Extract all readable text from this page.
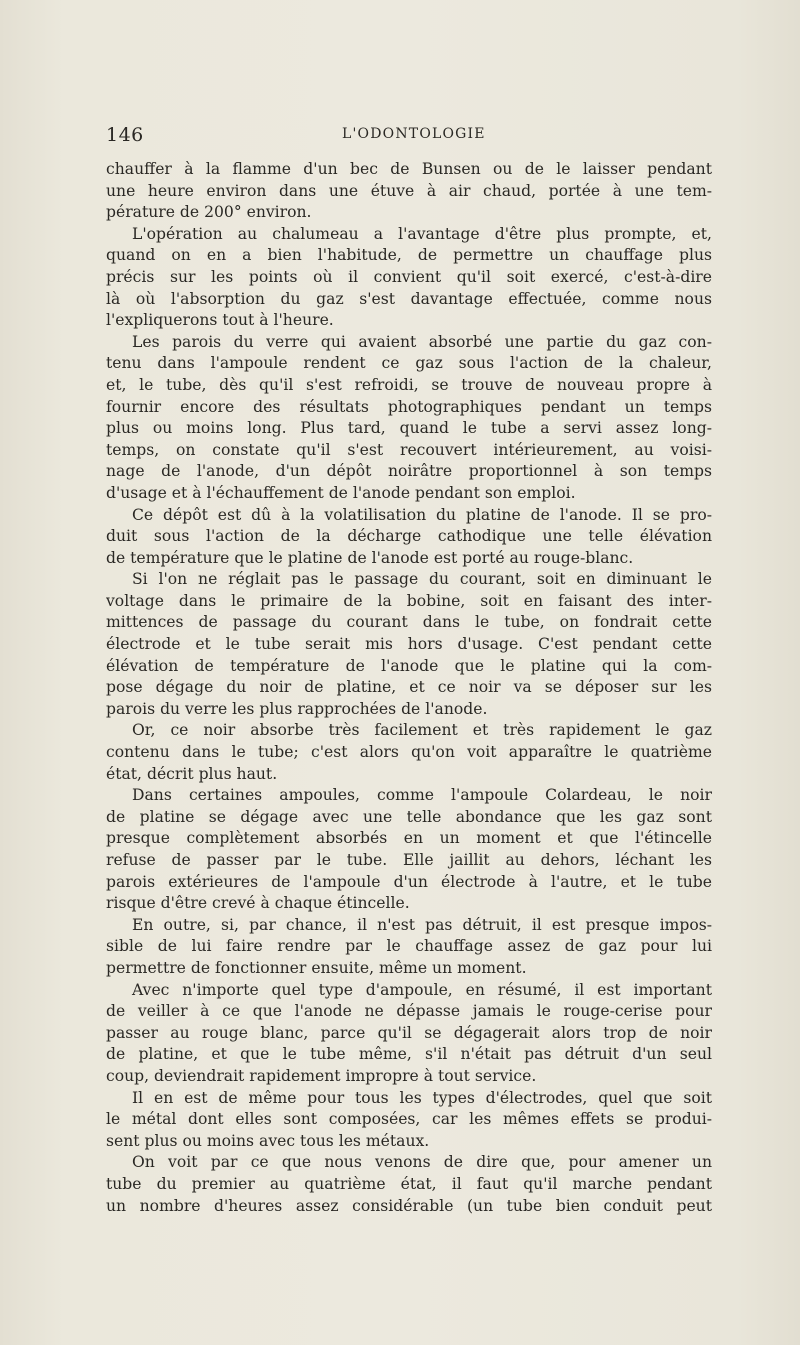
146	L'ODONTOLOGIE
chauffer à la flamme d'un bec de Bunsen ou de le laisser pendant
une heure environ dans une étuve à air chaud, portée à une tem-
pérature de 200° environ.
L'opération au chalumeau a l'avantage d'être plus prompte, et,
quand on en a bien l'habitude, de permettre un chauffage plus
précis sur les points où il convient qu'il soit exercé, c'est-à-dire
là où l'absorption du gaz s'est davantage effectuée, comme nous
l'expliquerons tout à l'heure.
Les parois du verre qui avaient absorbé une partie du gaz con-
tenu dans l'ampoule rendent ce gaz sous l'action de la chaleur,
et, le tube, dès qu'il s'est refroidi, se trouve de nouveau propre à
fournir encore des résultats photographiques pendant un temps
plus ou moins long. Plus tard, quand le tube a servi assez long-
temps, on constate qu'il s'est recouvert intérieurement, au voisi-
nage de l'anode, d'un dépôt noirâtre proportionnel à son temps
d'usage et à l'échauffement de l'anode pendant son emploi.
Ce dépôt est dû à la volatilisation du platine de l'anode. Il se pro-
duit sous l'action de la décharge cathodique une telle élévation
de température que le platine de l'anode est porté au rouge-blanc.
Si l'on ne réglait pas le passage du courant, soit en diminuant le
voltage dans le primaire de la bobine, soit en faisant des inter-
mittences de passage du courant dans le tube, on fondrait cette
électrode et le tube serait mis hors d'usage. C'est pendant cette
élévation de température de l'anode que le platine qui la com-
pose dégage du noir de platine, et ce noir va se déposer sur les
parois du verre les plus rapprochées de l'anode.
Or, ce noir absorbe très facilement et très rapidement le gaz
contenu dans le tube; c'est alors qu'on voit apparaître le quatrième
état, décrit plus haut.
Dans certaines ampoules, comme l'ampoule Colardeau, le noir
de platine se dégage avec une telle abondance que les gaz sont
presque complètement absorbés en un moment et que l'étincelle
refuse de passer par le tube. Elle jaillit au dehors, léchant les
parois extérieures de l'ampoule d'un électrode à l'autre, et le tube
risque d'être crevé à chaque étincelle.
En outre, si, par chance, il n'est pas détruit, il est presque impos-
sible de lui faire rendre par le chauffage assez de gaz pour lui
permettre de fonctionner ensuite, même un moment.
Avec n'importe quel type d'ampoule, en résumé, il est important
de veiller à ce que l'anode ne dépasse jamais le rouge-cerise pour
passer au rouge blanc, parce qu'il se dégagerait alors trop de noir
de platine, et que le tube même, s'il n'était pas détruit d'un seul
coup, deviendrait rapidement impropre à tout service.
Il en est de même pour tous les types d'électrodes, quel que soit
le métal dont elles sont composées, car les mêmes effets se produi-
sent plus ou moins avec tous les métaux.
On voit par ce que nous venons de dire que, pour amener un
tube du premier au quatrième état, il faut qu'il marche pendant
un nombre d'heures assez considérable (un tube bien conduit peut
